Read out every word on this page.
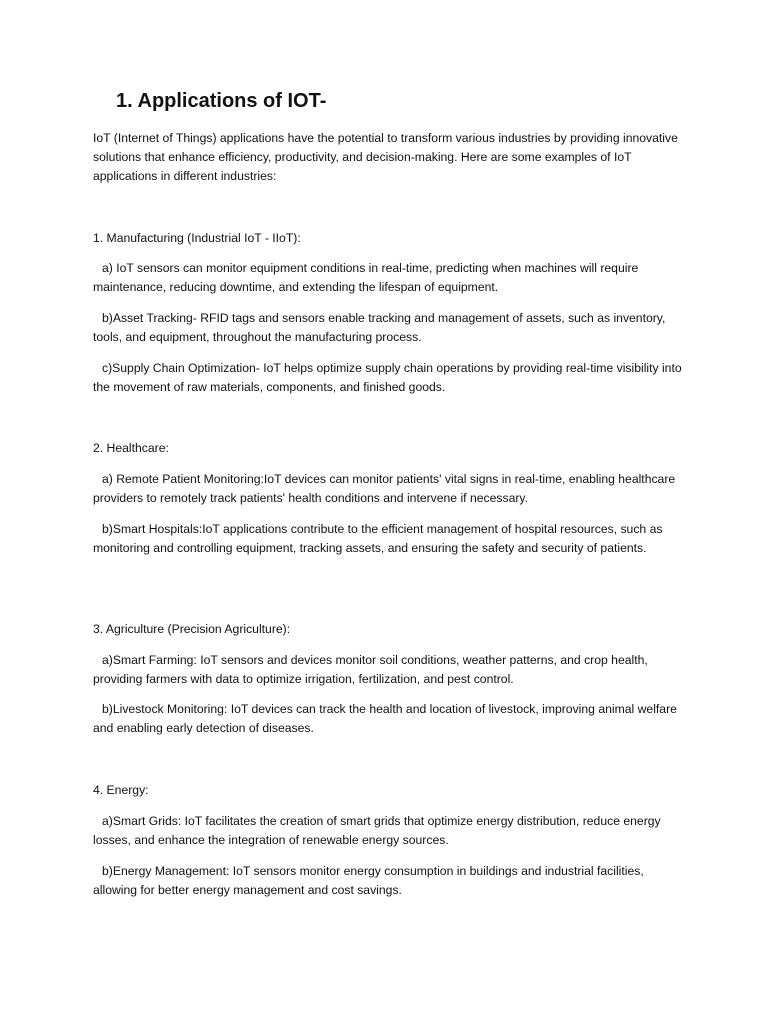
1. Applications of IOT-

IoT (Internet of Things) applications have the potential to transform various industries by providing innovative solutions that enhance efficiency, productivity, and decision-making. Here are some examples of IoT applications in different industries:

1. Manufacturing (Industrial IoT - IIoT):

a) IoT sensors can monitor equipment conditions in real-time, predicting when machines will require maintenance, reducing downtime, and extending the lifespan of equipment.

b)Asset Tracking- RFID tags and sensors enable tracking and management of assets, such as inventory, tools, and equipment, throughout the manufacturing process.

c)Supply Chain Optimization- IoT helps optimize supply chain operations by providing real-time visibility into the movement of raw materials, components, and finished goods.

2. Healthcare:

a) Remote Patient Monitoring:IoT devices can monitor patients' vital signs in real-time, enabling healthcare providers to remotely track patients' health conditions and intervene if necessary.

b)Smart Hospitals:IoT applications contribute to the efficient management of hospital resources, such as monitoring and controlling equipment, tracking assets, and ensuring the safety and security of patients.

3. Agriculture (Precision Agriculture):

a)Smart Farming: IoT sensors and devices monitor soil conditions, weather patterns, and crop health, providing farmers with data to optimize irrigation, fertilization, and pest control.

b)Livestock Monitoring: IoT devices can track the health and location of livestock, improving animal welfare and enabling early detection of diseases.

4. Energy:

a)Smart Grids: IoT facilitates the creation of smart grids that optimize energy distribution, reduce energy losses, and enhance the integration of renewable energy sources.

b)Energy Management: IoT sensors monitor energy consumption in buildings and industrial facilities, allowing for better energy management and cost savings.
